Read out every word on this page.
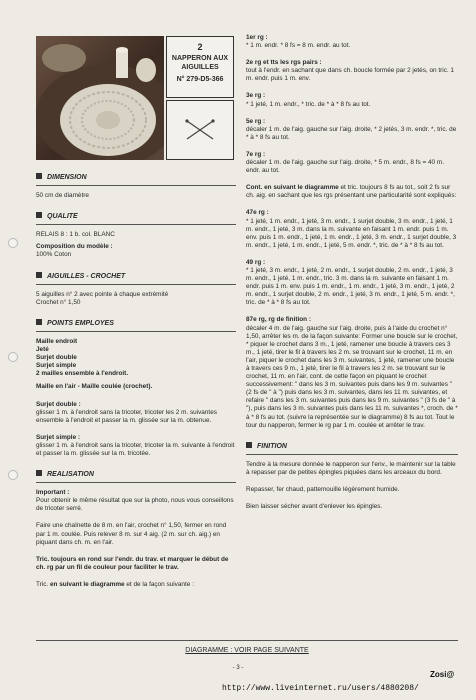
2
NAPPERON AUX AIGUILLES
N° 279-D5-366
DIMENSION

50 cm de diamètre

QUALITE

RELAIS 8 : 1 b. col. BLANC

Composition du modèle :

100% Coton

AIGUILLES - CROCHET

5 aiguilles n° 2 avec pointe à chaque extrémité

Crochet n° 1,50

POINTS EMPLOYES
Maille endroit
Jeté
Surjet double
Surjet simple
2 mailles ensemble à l'endroit.

Maille en l'air - Maille coulée (crochet).

Surjet double :

glisser 1 m. à l'endroit sans la tricoter, tricoter les 2 m. suivantes ensemble à l'endroit et passer la m. glissée sur la m. obtenue.

Surjet simple :

glisser 1 m. à l'endroit sans la tricoter, tricoter la m. suivante à l'endroit et passer la m. glissée sur la m. tricotée.

REALISATION

Important :

Pour obtenir le même résultat que sur la photo, nous vous conseillons de tricoter serré.

Faire une chaînette de 8 m. en l'air, crochet n° 1,50, fermer en rond par 1 m. coulée. Puis relever 8 m. sur 4 aig. (2 m. sur ch. aig.) en piquant dans ch. m. en l'air.

Tric. toujours en rond sur l'endr. du trav. et marquer le début de ch. rg par un fil de couleur pour faciliter le trav.

Tric. en suivant le diagramme et de la façon suivante :

1er rg :

* 1 m. endr. * 8 fs = 8 m. endr. au tot.

2e rg et tts les rgs pairs :

tout à l'endr. en sachant que dans ch. boucle formée par 2 jetés, on tric. 1 m. endr. puis 1 m. env.

3e rg :

* 1 jeté, 1 m. endr., * tric. de * à * 8 fs au tot.

5e rg :

décaler 1 m. de l'aig. gauche sur l'aig. droite, * 2 jetés, 3 m. endr. *, tric. de * à * 8 fs au tot.

7e rg :

décaler 1 m. de l'aig. gauche sur l'aig. droite, * 5 m. endr., 8 fs = 40 m. endr. au tot.

Cont. en suivant le diagramme et tric. toujours 8 fs au tot., soit 2 fs sur ch. aig. en sachant que les rgs présentant une particularité sont expliqués:

47e rg :

* 1 jeté, 1 m. endr., 1 jeté, 3 m. endr., 1 surjet double, 3 m. endr., 1 jeté, 1 m. endr., 1 jeté, 3 m. dans la m. suivante en faisant 1 m. endr. puis 1 m. env. puis 1 m. endr., 1 jeté, 1 m. endr., 1 jeté, 3 m. endr., 1 surjet double, 3 m. endr., 1 jeté, 1 m. endr., 1 jeté, 5 m. endr. *, tric. de * à * 8 fs au tot.

49 rg :

* 1 jeté, 3 m. endr., 1 jeté, 2 m. endr., 1 surjet double, 2 m. endr., 1 jeté, 3 m. endr., 1 jeté, 1 m. endr., tric. 3 m. dans la m. suivante en faisant 1 m. endr. puis 1 m. env. puis 1 m. endr., 1 m. endr., 1 jeté, 3 m. endr., 1 jeté, 2 m. endr., 1 surjet double, 2 m. endr., 1 jeté, 3 m. endr., 1 jeté, 5 m. endr. *, tric. de * à * 8 fs au tot.

87e rg, rg de finition :

décaler 4 m. de l'aig. gauche sur l'aig. droite, puis à l'aide du crochet n° 1,50, arrêter les m. de la façon suivante: Former une boucle sur le crochet, * piquer le crochet dans 3 m., 1 jeté, ramener une boucle à travers ces 3 m., 1 jeté, tirer le fil à travers les 2 m. se trouvant sur le crochet, 11 m. en l'air, piquer le crochet dans les 3 m. suivantes, 1 jeté, ramener une boucle à travers ces 9 m., 1 jeté, tirer le fil à travers les 2 m. se trouvant sur le crochet, 11 m. en l'air, cont. de cette façon en piquant le crochet successivement: " dans les 3 m. suivantes puis dans les 9 m. suivantes " (2 fs de " à ") puis dans les 3 m. suivantes, dans les 11 m. suivantes, et refaire " dans les 3 m. suivantes puis dans les 9 m. suivantes " (3 fs de " à "), puis dans les 3 m. suivantes puis dans les 11 m. suivantes *, croch. de * à * 8 fs au tot. (suivre la représentée sur le diagramme) 8 fs au tot. Tout le tour du napperon, fermer le rg par 1 m. coulée et arrêter le trav.

FINITION

Tendre à la mesure donnée le napperon sur l'env., le maintenir sur la table à repasser par de petites épingles piquées dans les arceaux du bord.

Repasser, fer chaud, pattemouille légèrement humide.

Bien laisser sécher avant d'enlever les épingles.

DIAGRAMME : VOIR PAGE SUIVANTE
- 3 -
Zosi@
http://www.liveinternet.ru/users/4880208/
